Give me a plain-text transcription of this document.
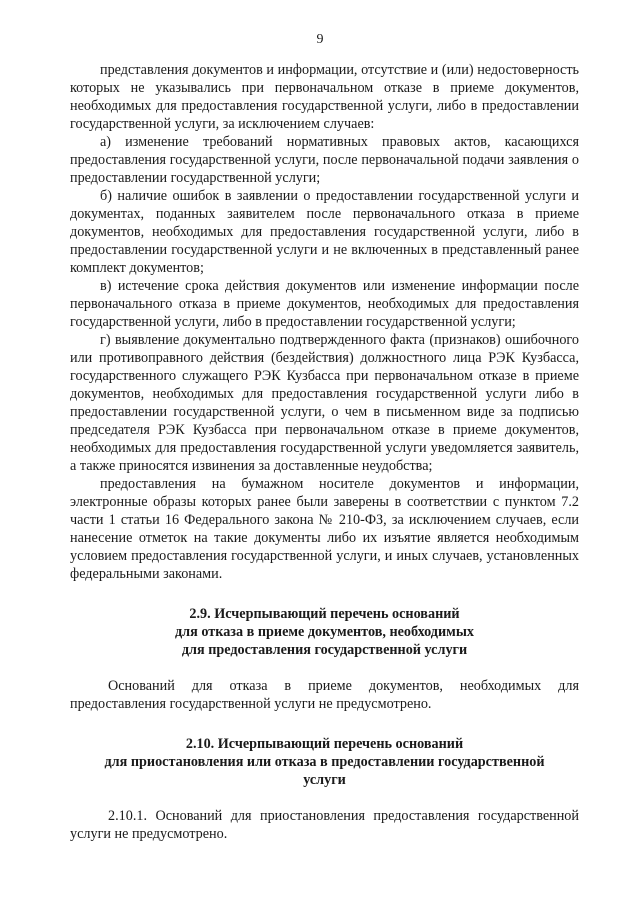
9

представления документов и информации, отсутствие и (или) недостоверность которых не указывались при первоначальном отказе в приеме документов, необходимых для предоставления государственной услуги, либо в предоставлении государственной услуги, за исключением случаев:

а) изменение требований нормативных правовых актов, касающихся предоставления государственной услуги, после первоначальной подачи заявления о предоставлении государственной услуги;

б) наличие ошибок в заявлении о предоставлении государственной услуги и документах, поданных заявителем после первоначального отказа в приеме документов, необходимых для предоставления государственной услуги, либо в предоставлении государственной услуги и не включенных в представленный ранее комплект документов;

в) истечение срока действия документов или изменение информации после первоначального отказа в приеме документов, необходимых для предоставления государственной услуги, либо в предоставлении государственной услуги;

г) выявление документально подтвержденного факта (признаков) ошибочного или противоправного действия (бездействия) должностного лица РЭК Кузбасса, государственного служащего РЭК Кузбасса при первоначальном отказе в приеме документов, необходимых для предоставления государственной услуги либо в предоставлении государственной услуги, о чем в письменном виде за подписью председателя РЭК Кузбасса при первоначальном отказе в приеме документов, необходимых для предоставления государственной услуги уведомляется заявитель, а также приносятся извинения за доставленные неудобства;

предоставления на бумажном носителе документов и информации, электронные образы которых ранее были заверены в соответствии с пунктом 7.2 части 1 статьи 16 Федерального закона № 210-ФЗ, за исключением случаев, если нанесение отметок на такие документы либо их изъятие является необходимым условием предоставления государственной услуги, и иных случаев, установленных федеральными законами.

2.9. Исчерпывающий перечень оснований
для отказа в приеме документов, необходимых
для предоставления государственной услуги

Оснований для отказа в приеме документов, необходимых для предоставления государственной услуги не предусмотрено.

2.10. Исчерпывающий перечень оснований
для приостановления или отказа в предоставлении государственной
услуги

2.10.1. Оснований для приостановления предоставления государственной услуги не предусмотрено.
